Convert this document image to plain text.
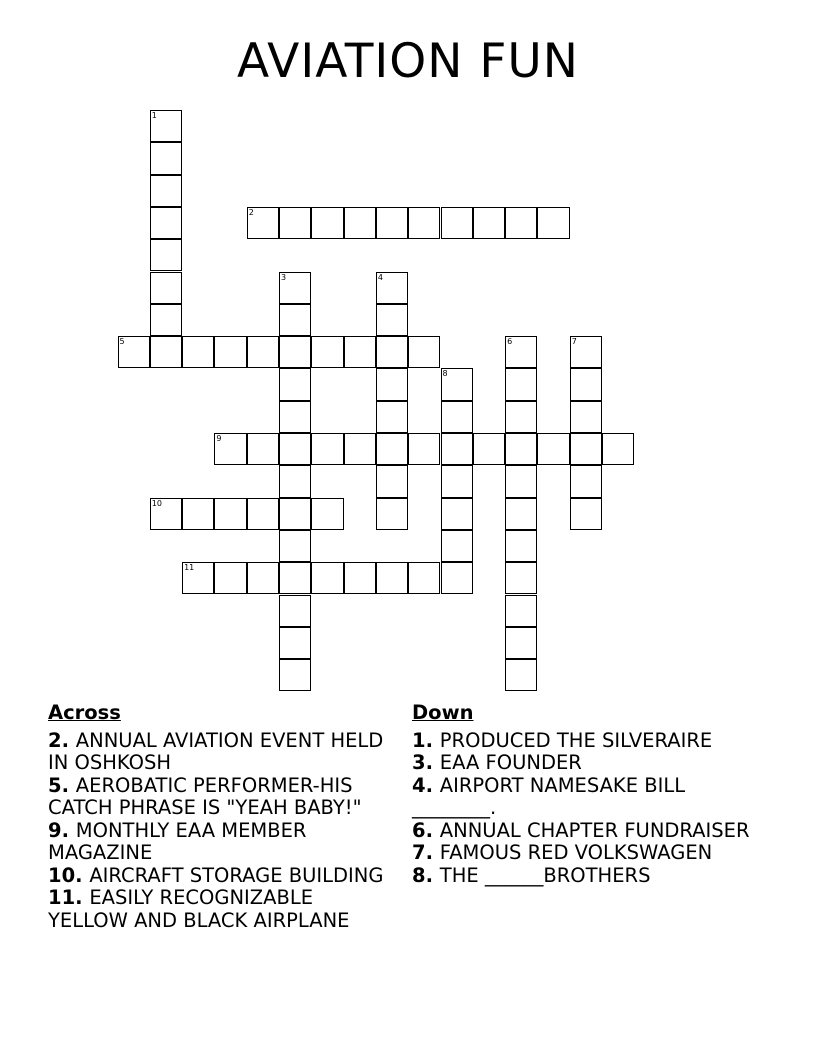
AVIATION FUN
1
2
3	4
5	6	7
8
9
10
11
Across
2. ANNUAL AVIATION EVENT HELD IN OSHKOSH
5. AEROBATIC PERFORMER-HIS CATCH PHRASE IS "YEAH BABY!"
9. MONTHLY EAA MEMBER MAGAZINE
10. AIRCRAFT STORAGE BUILDING
11. EASILY RECOGNIZABLE YELLOW AND BLACK AIRPLANE
Down
1. PRODUCED THE SILVERAIRE
3. EAA FOUNDER
4. AIRPORT NAMESAKE BILL ________.
6. ANNUAL CHAPTER FUNDRAISER
7. FAMOUS RED VOLKSWAGEN
8. THE ______BROTHERS
